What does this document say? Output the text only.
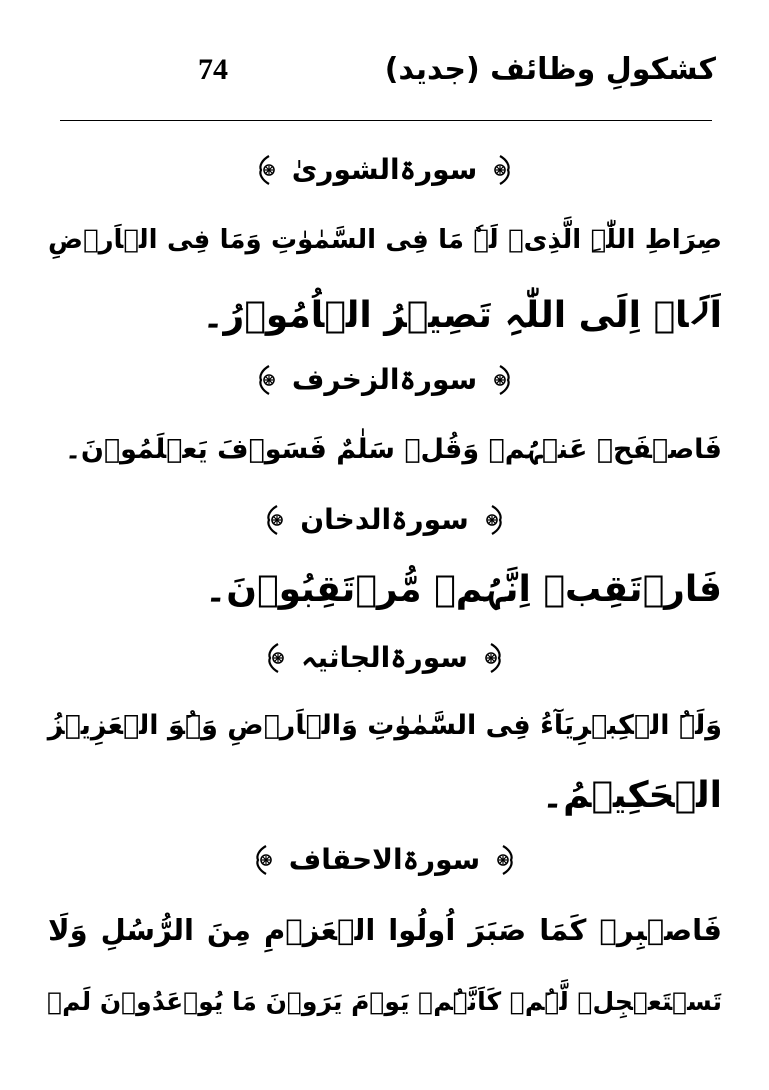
74	کشکولِ وظائف (جدید)
سورۃالشوریٰ
صِرَاطِ اللّٰہِ الَّذِیۡ لَہٗ مَا فِی السَّمٰوٰتِ وَمَا فِی الۡاَرۡضِ
اَلَاۤ اِلَی اللّٰہِ تَصِیۡرُ الۡاُمُوۡرُ۔
سورۃالزخرف
فَاصۡفَحۡ عَنۡہُمۡ وَقُلۡ سَلٰمٌ فَسَوۡفَ یَعۡلَمُوۡنَ۔
سورۃالدخان
فَارۡتَقِبۡ اِنَّہُمۡ مُّرۡتَقِبُوۡنَ۔
سورۃالجاثیہ
وَلَہُ الۡکِبۡرِیَآءُ فِی السَّمٰوٰتِ وَالۡاَرۡضِ وَہُوَ الۡعَزِیۡزُ
الۡحَکِیۡمُ۔
سورۃالاحقاف
فَاصۡبِرۡ کَمَا صَبَرَ اُولُوا الۡعَزۡمِ مِنَ الرُّسُلِ وَلَا
تَسۡتَعۡجِلۡ لَّہُمۡ کَاَنَّہُمۡ یَوۡمَ یَرَوۡنَ مَا یُوۡعَدُوۡنَ لَمۡ
